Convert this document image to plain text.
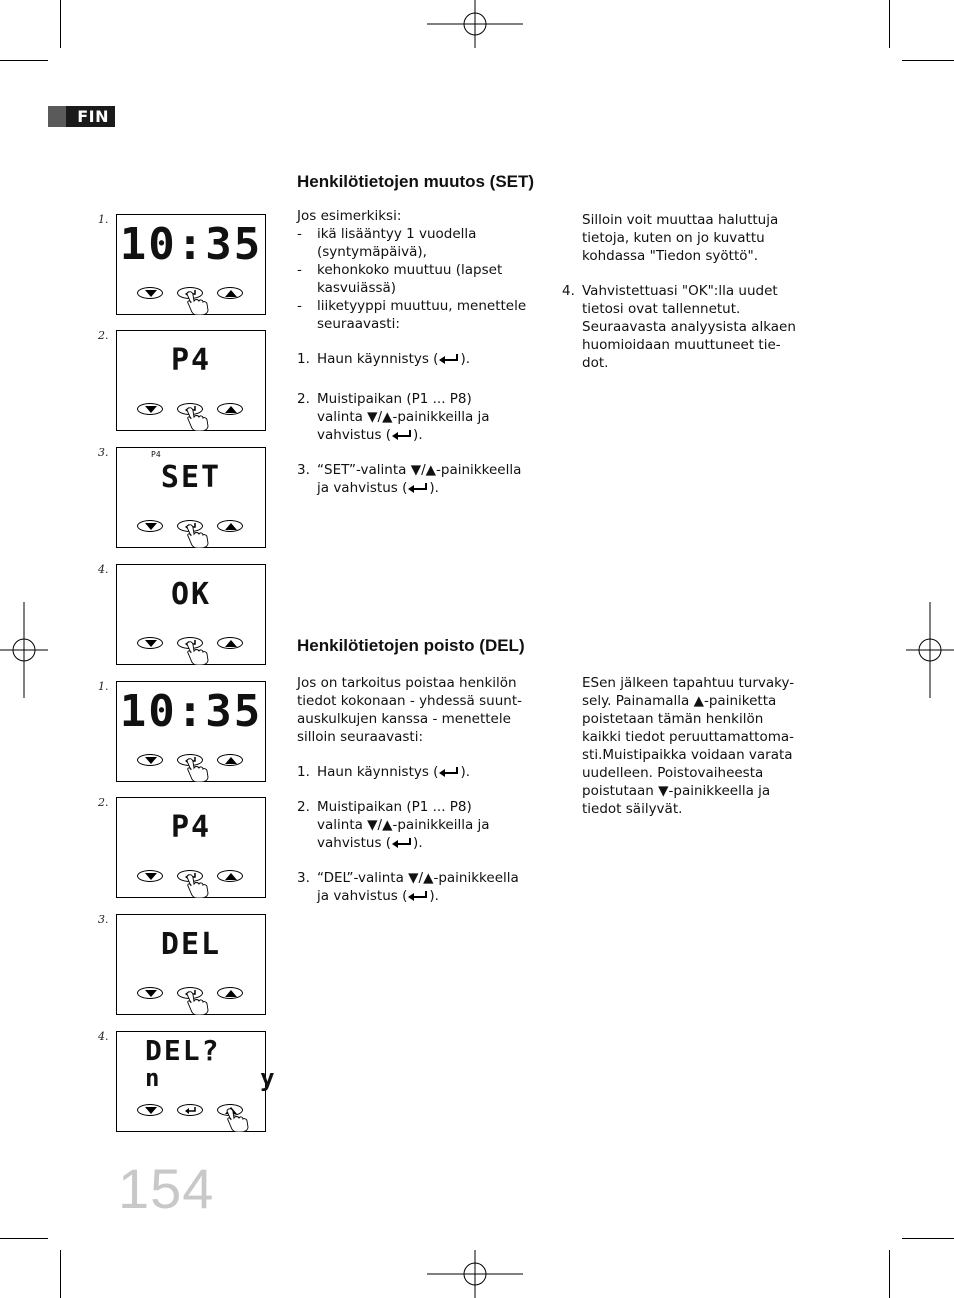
FIN
Henkilötietojen muutos (SET)

Jos esimerkiksi:

-	ikä lisääntyy 1 vuodella (syntymäpäivä),
-	kehonkoko muuttuu (lapset kasvuiässä)
-	liiketyyppi muuttuu, menettele seuraavasti:
1. Haun käynnistys ( ).
2. Muistipaikan (P1 ... P8)
valinta ▼/▲-painikkeilla ja
vahvistus ( ).
3. “SET”-valinta ▼/▲-painikkeella
ja vahvistus ( ).
Silloin voit muuttaa haluttuja tietoja, kuten on jo kuvattu kohdassa "Tiedon syöttö".
4. Vahvistettuasi "OK":lla uudet tietosi ovat tallennetut. Seuraavasta analyysista alkaen huomioidaan muuttuneet tie-dot.
Henkilötietojen poisto (DEL)

Jos on tarkoitus poistaa henkilön tiedot kokonaan - yhdessä suunt-auskulkujen kanssa - menettele silloin seuraavasti:

1. Haun käynnistys ( ).
2. Muistipaikan (P1 ... P8)
valinta ▼/▲-painikkeilla ja
vahvistus ( ).
3. “DEL”-valinta ▼/▲-painikkeella
ja vahvistus ( ).

ESen jälkeen tapahtuu turvaky-sely. Painamalla ▲-painiketta poistetaan tämän henkilön kaikki tiedot peruuttamattoma-sti.Muistipaikka voidaan varata uudelleen. Poistovaiheesta poistutaan ▼-painikkeella ja tiedot säilyvät.

1. 10:35
2.
P4
3.
SET
P4
4.
OK
1. 10:35
2.
P4
3.
DEL
4. DEL?
n      y
154
